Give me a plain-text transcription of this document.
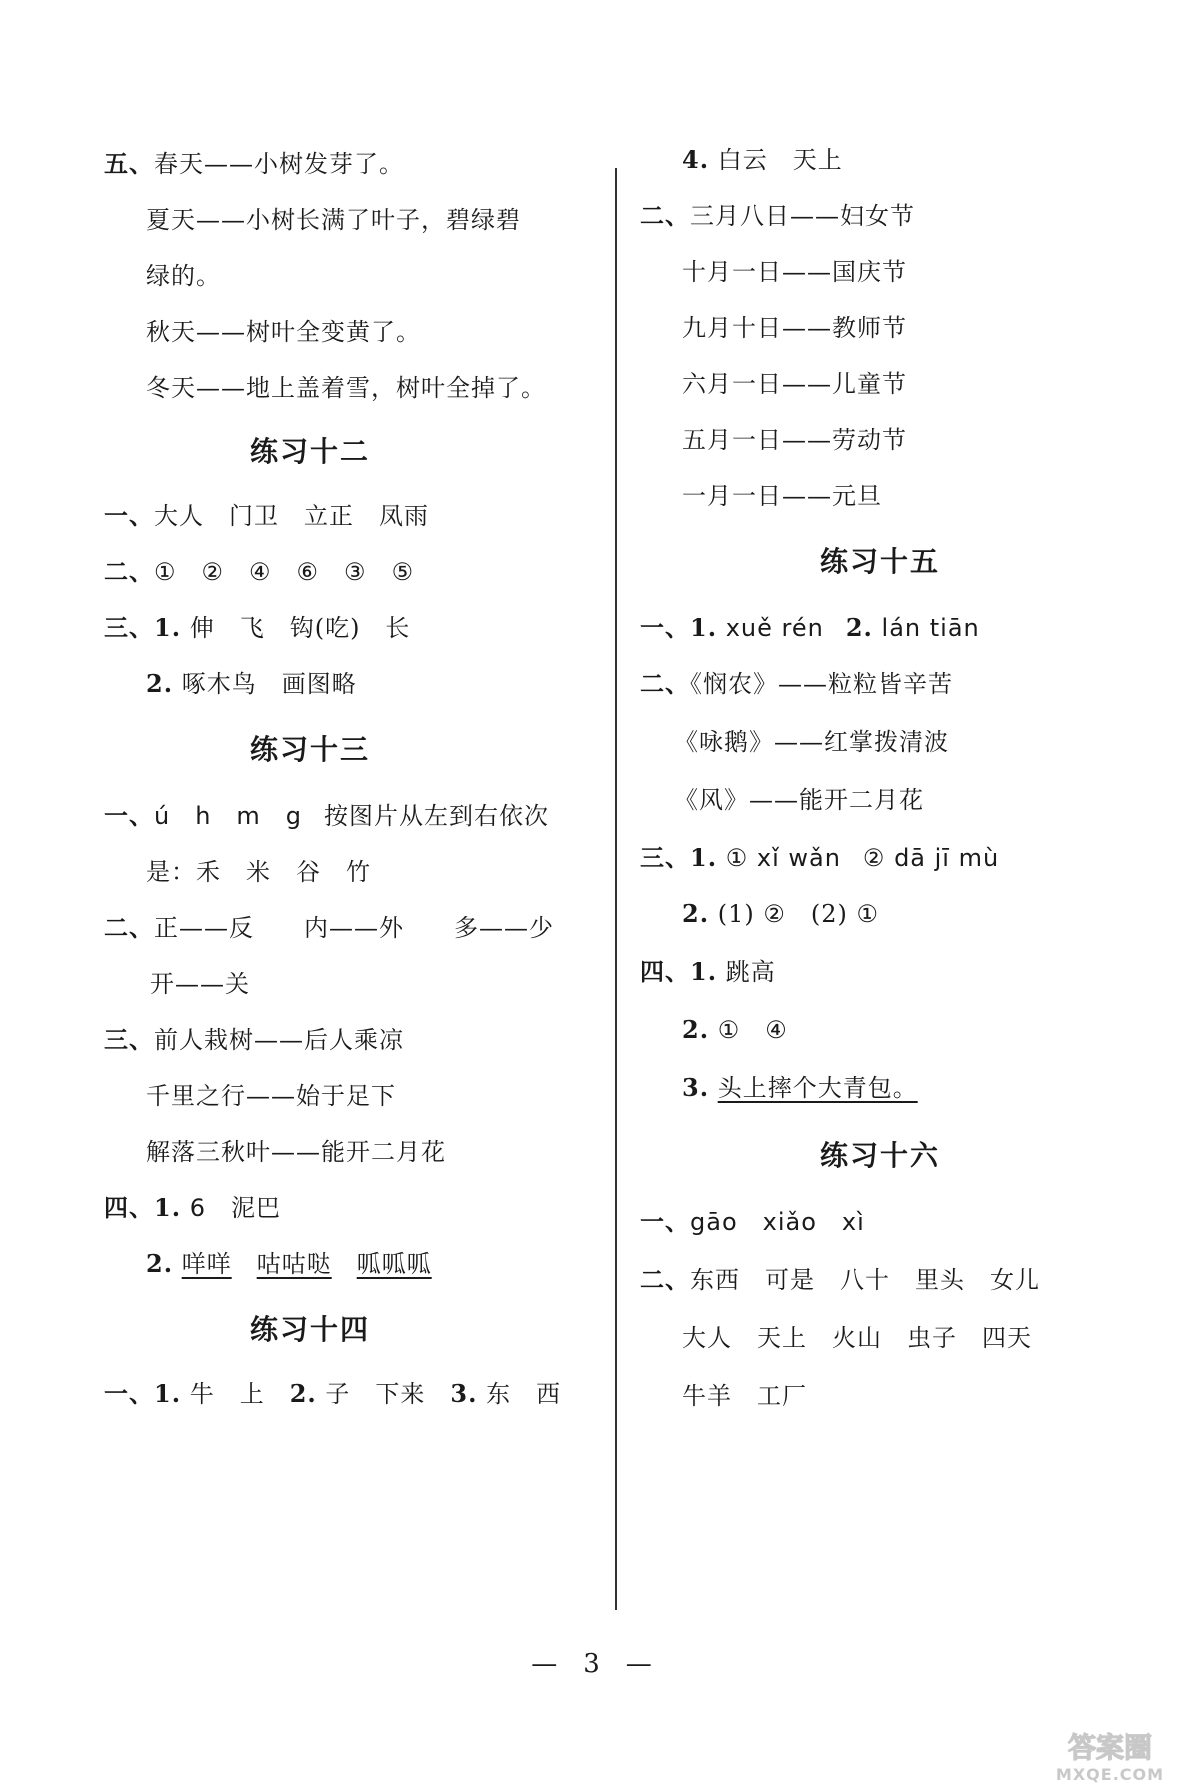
五、春天——小树发芽了。
夏天——小树长满了叶子，碧绿碧
绿的。
秋天——树叶全变黄了。
冬天——地上盖着雪，树叶全掉了。
练习十二
一、大人　门卫　立正　凤雨
二、①　②　④　⑥　③　⑤
三、1. 伸　飞　钩(吃)　长
2. 啄木鸟　画图略
练习十三
一、ú　h　m　g 按图片从左到右依次
是：禾　米　谷　竹
二、正——反　　内——外　　多——少
开——关
三、前人栽树——后人乘凉
千里之行——始于足下
解落三秋叶——能开二月花
四、1. 6　 泥巴
2. 咩咩　 咕咕哒　 呱呱呱
练习十四
一、1. 牛　上　 2. 子　下来　 3. 东　西
4. 白云　天上
二、三月八日——妇女节
十月一日——国庆节
九月十日——教师节
六月一日——儿童节
五月一日——劳动节
一月一日——元旦
练习十五
一、1. xuě rén 2. lán tiān
二、《悯农》——粒粒皆辛苦
《咏鹅》——红掌拨清波
《风》——能开二月花
三、1. ① xǐ wǎn ② dā jī mù
2. (1) ②　(2) ①
四、1. 跳高
2. ①　④
3. 头上摔个大青包。
练习十六
一、gāo　xiǎo　xì
二、东西　可是　八十　里头　女儿
大人　天上　火山　虫子　四天
牛羊　工厂
—　3　—
答案圈
MXQE.COM
